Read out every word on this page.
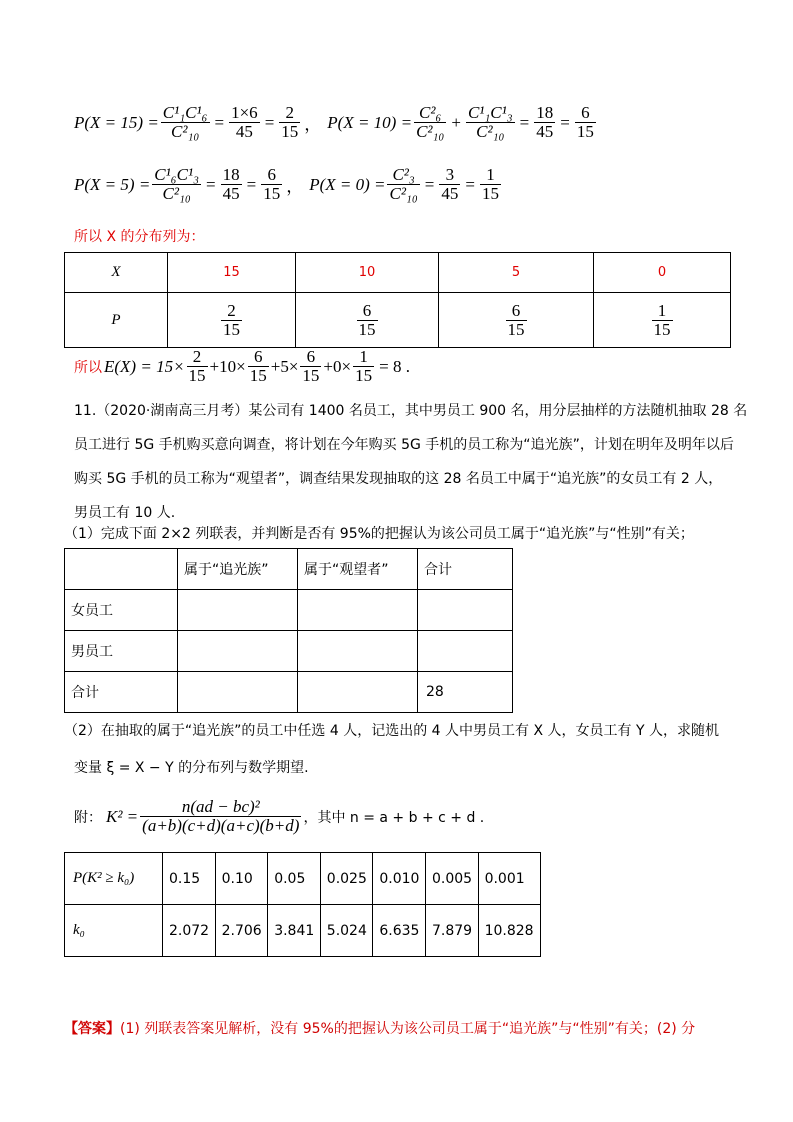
$P(X = 15) = \frac{\text{C¹₁C¹₆}}{\text{C²₁₀}} = \frac{1\times 6}{45} = \frac{2}{15}$ ， $P(X = 10) = \frac{\text{C²₆}}{\text{C²₁₀}} + \frac{\text{C¹₁C¹₃}}{\text{C²₁₀}} = \frac{18}{45} = \frac{6}{15}$
$P(X = 5) = \frac{\text{C¹₆C¹₃}}{\text{C²₁₀}} = \frac{18}{45} = \frac{6}{15}$ ， $P(X = 0) = \frac{\text{C²₃}}{\text{C²₁₀}} = \frac{3}{45} = \frac{1}{15}$
所以 X 的分布列为：
X	15	10	5	0
P	$\frac{2}{15}$	$\frac{6}{15}$	$\frac{6}{15}$	$\frac{1}{15}$
所以 $E(X) = 15\times \frac{2}{15} +10\times \frac{6}{15} +5\times \frac{6}{15} +0\times \frac{1}{15} = 8$ .
11.（2020·湖南高三月考）某公司有 1400 名员工，其中男员工 900 名，用分层抽样的方法随机抽取 28 名
员工进行 5G 手机购买意向调查，将计划在今年购买 5G 手机的员工称为“追光族”，计划在明年及明年以后
购买 5G 手机的员工称为“观望者”，调查结果发现抽取的这 28 名员工中属于“追光族”的女员工有 2 人，
男员工有 10 人.
（1）完成下面 2×2 列联表，并判断是否有 95%的把握认为该公司员工属于“追光族”与“性别”有关；
	属于“追光族”	属于“观望者”	合计
女员工			
男员工			
合计			28
（2）在抽取的属于“追光族”的员工中任选 4 人，记选出的 4 人中男员工有 X 人，女员工有 Y 人，求随机
变量 ξ = X − Y 的分布列与数学期望.
附： $K^2 = \frac{\text{n(ad − bc)²}}{(a+b)(c+d)(a+c)(b+d)}$ ，其中 n = a + b + c + d .
P(K² ≥ k₀)	0.15	0.10	0.05	0.025	0.010	0.005	0.001
k₀	2.072	2.706	3.841	5.024	6.635	7.879	10.828
【答案】(1) 列联表答案见解析，没有 95%的把握认为该公司员工属于“追光族”与“性别”有关；(2) 分
